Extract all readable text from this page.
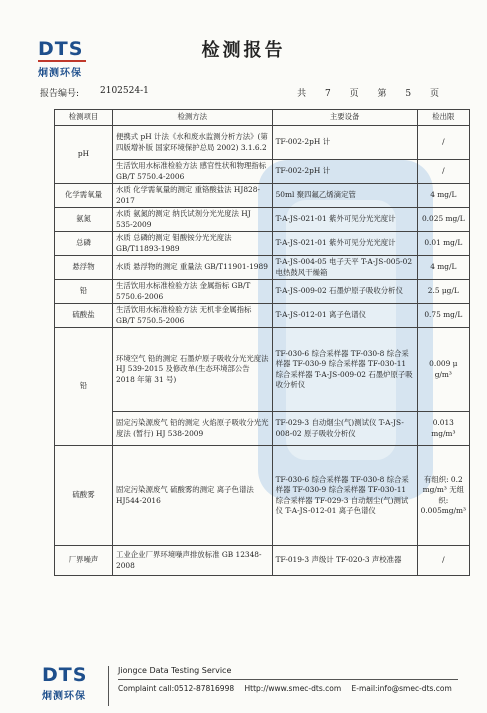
DTS
炯测环保
检测报告
报告编号: 2102524-1	共 7 页 第 5 页
检测项目	检测方法	主要设备	检出限
pH	便携式 pH 计法《水和废水监测分析方法》(第四版增补版 国家环境保护总局 2002) 3.1.6.2	TF-002-2pH 计	/
	生活饮用水标准检验方法 感官性状和物理指标 GB/T 5750.4-2006	TF-002-2pH 计	/
化学需氧量	水质 化学需氧量的测定 重铬酸盐法 HJ828-2017	50ml 聚四氟乙烯滴定管	4 mg/L
氨氮	水质 氨氮的测定 纳氏试剂分光光度法 HJ 535-2009	T-A-JS-021-01 紫外可见分光光度计	0.025 mg/L
总磷	水质 总磷的测定 钼酸铵分光光度法 GB/T11893-1989	T-A-JS-021-01 紫外可见分光光度计	0.01 mg/L
悬浮物	水质 悬浮物的测定 重量法 GB/T11901-1989	T-A-JS-004-05 电子天平 T-A-JS-005-02 电热鼓风干燥箱	4 mg/L
铅	生活饮用水标准检验方法 金属指标 GB/T 5750.6-2006	T-A-JS-009-02 石墨炉原子吸收分析仪	2.5 μg/L
硫酸盐	生活饮用水标准检验方法 无机非金属指标 GB/T 5750.5-2006	T-A-JS-012-01 离子色谱仪	0.75 mg/L
铅	环境空气 铅的测定 石墨炉原子吸收分光光度法 HJ 539-2015 及修改单(生态环境部公告 2018 年第 31 号)	TF-030-6 综合采样器 TF-030-8 综合采样器 TF-030-9 综合采样器 TF-030-11 综合采样器 T-A-JS-009-02 石墨炉原子吸收分析仪	0.009 μ g/m³
	固定污染源废气 铅的测定 火焰原子吸收分光光度法 (暂行) HJ 538-2009	TF-029-3 自动烟尘(气)测试仪 T-A-JS-008-02 原子吸收分析仪	0.013 mg/m³
硫酸雾	固定污染源废气 硫酸雾的测定 离子色谱法 HJ544-2016	TF-030-6 综合采样器 TF-030-8 综合采样器 TF-030-9 综合采样器 TF-030-11 综合采样器 TF-029-3 自动烟尘(气)测试仪 T-A-JS-012-01 离子色谱仪	有组织: 0.2 mg/m³ 无组织: 0.005mg/m³
厂界噪声	工业企业厂界环境噪声排放标准 GB 12348-2008	TF-019-3 声级计 TF-020-3 声校准器	/
DTS
炯测环保
Jiongce Data Testing Service
Complaint call:0512-87816998 Http://www.smec-dts.com E-mail:info@smec-dts.com
